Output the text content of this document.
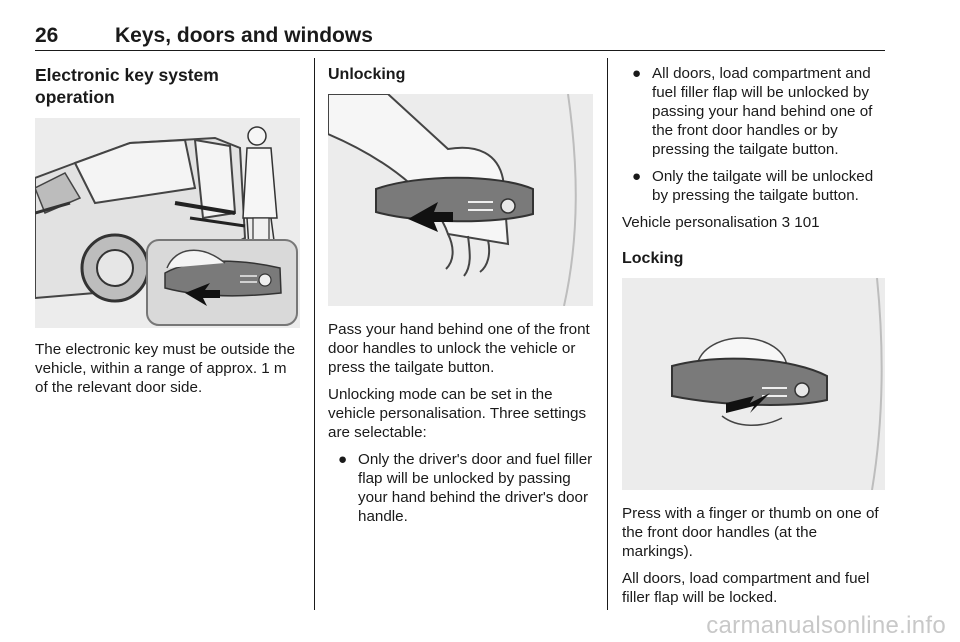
26	Keys, doors and windows
Electronic key system operation

The electronic key must be outside the vehicle, within a range of approx. 1 m of the relevant door side.

Unlocking

Pass your hand behind one of the front door handles to unlock the vehicle or press the tailgate button.

Unlocking mode can be set in the vehicle personalisation. Three settings are selectable:

● Only the driver's door and fuel filler flap will be unlocked by passing your hand behind the driver's door handle.
● All doors, load compartment and fuel filler flap will be unlocked by passing your hand behind one of the front door handles or by pressing the tailgate button.
● Only the tailgate will be unlocked by pressing the tailgate button.

Vehicle personalisation 3 101

Locking

Press with a finger or thumb on one of the front door handles (at the markings).

All doors, load compartment and fuel filler flap will be locked.

carmanualsonline.info
